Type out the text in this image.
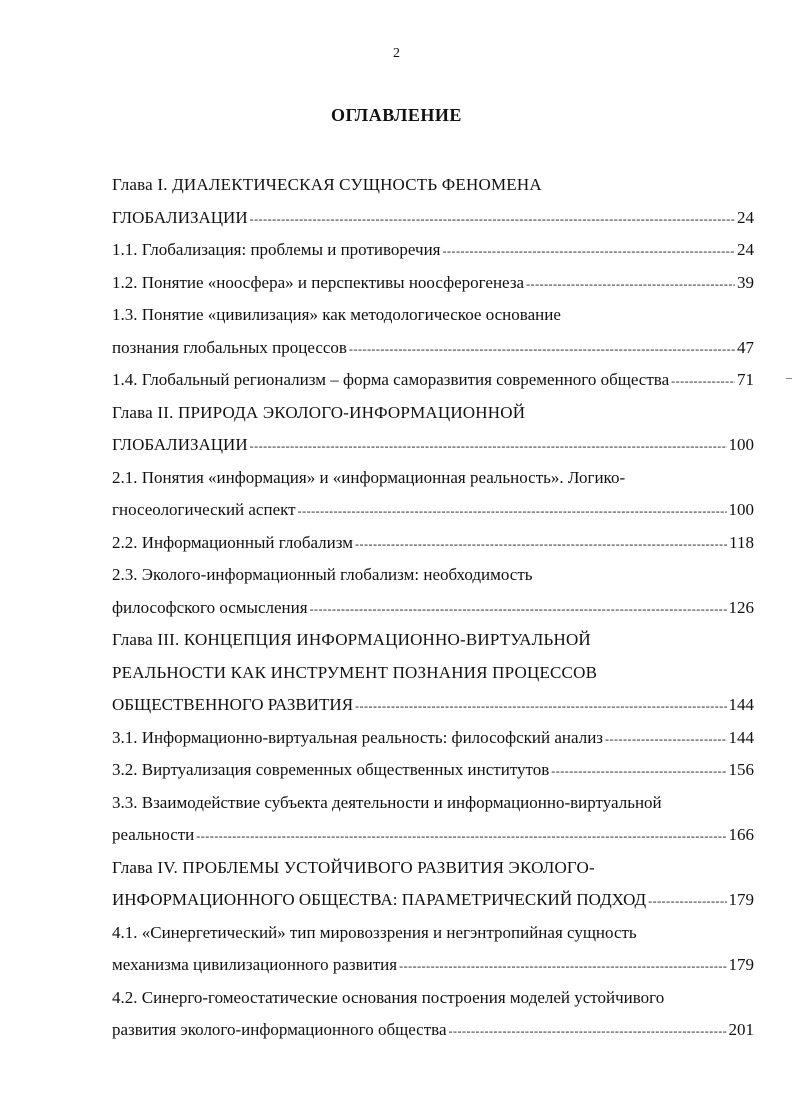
2
ОГЛАВЛЕНИЕ
Глава I. ДИАЛЕКТИЧЕСКАЯ СУЩНОСТЬ ФЕНОМЕНА
ГЛОБАЛИЗАЦИИ -----	24
1.1. Глобализация: проблемы и противоречия -----	24
1.2. Понятие «ноосфера» и перспективы ноосферогенеза -----	39
1.3. Понятие «цивилизация» как методологическое основание
познания глобальных процессов -----	47
1.4. Глобальный регионализм – форма саморазвития современного общества -----	71
Глава II. ПРИРОДА ЭКОЛОГО-ИНФОРМАЦИОННОЙ
ГЛОБАЛИЗАЦИИ -----	100
2.1. Понятия «информация» и «информационная реальность». Логико-
гносеологический аспект -----	100
2.2. Информационный глобализм -----	118
2.3. Эколого-информационный глобализм: необходимость
философского осмысления -----	126
Глава III. КОНЦЕПЦИЯ ИНФОРМАЦИОННО-ВИРТУАЛЬНОЙ
РЕАЛЬНОСТИ КАК ИНСТРУМЕНТ ПОЗНАНИЯ ПРОЦЕССОВ
ОБЩЕСТВЕННОГО РАЗВИТИЯ -----	144
3.1. Информационно-виртуальная реальность: философский анализ -----	144
3.2. Виртуализация современных общественных институтов -----	156
3.3. Взаимодействие субъекта деятельности и информационно-виртуальной
реальности -----	166
Глава IV. ПРОБЛЕМЫ УСТОЙЧИВОГО РАЗВИТИЯ ЭКОЛОГО-
ИНФОРМАЦИОННОГО ОБЩЕСТВА: ПАРАМЕТРИЧЕСКИЙ ПОДХОД -----	179
4.1. «Синергетический» тип мировоззрения и негэнтропийная сущность
механизма цивилизационного развития -----	179
4.2. Синерго-гомеостатические основания построения моделей устойчивого
развития эколого-информационного общества -----	201
